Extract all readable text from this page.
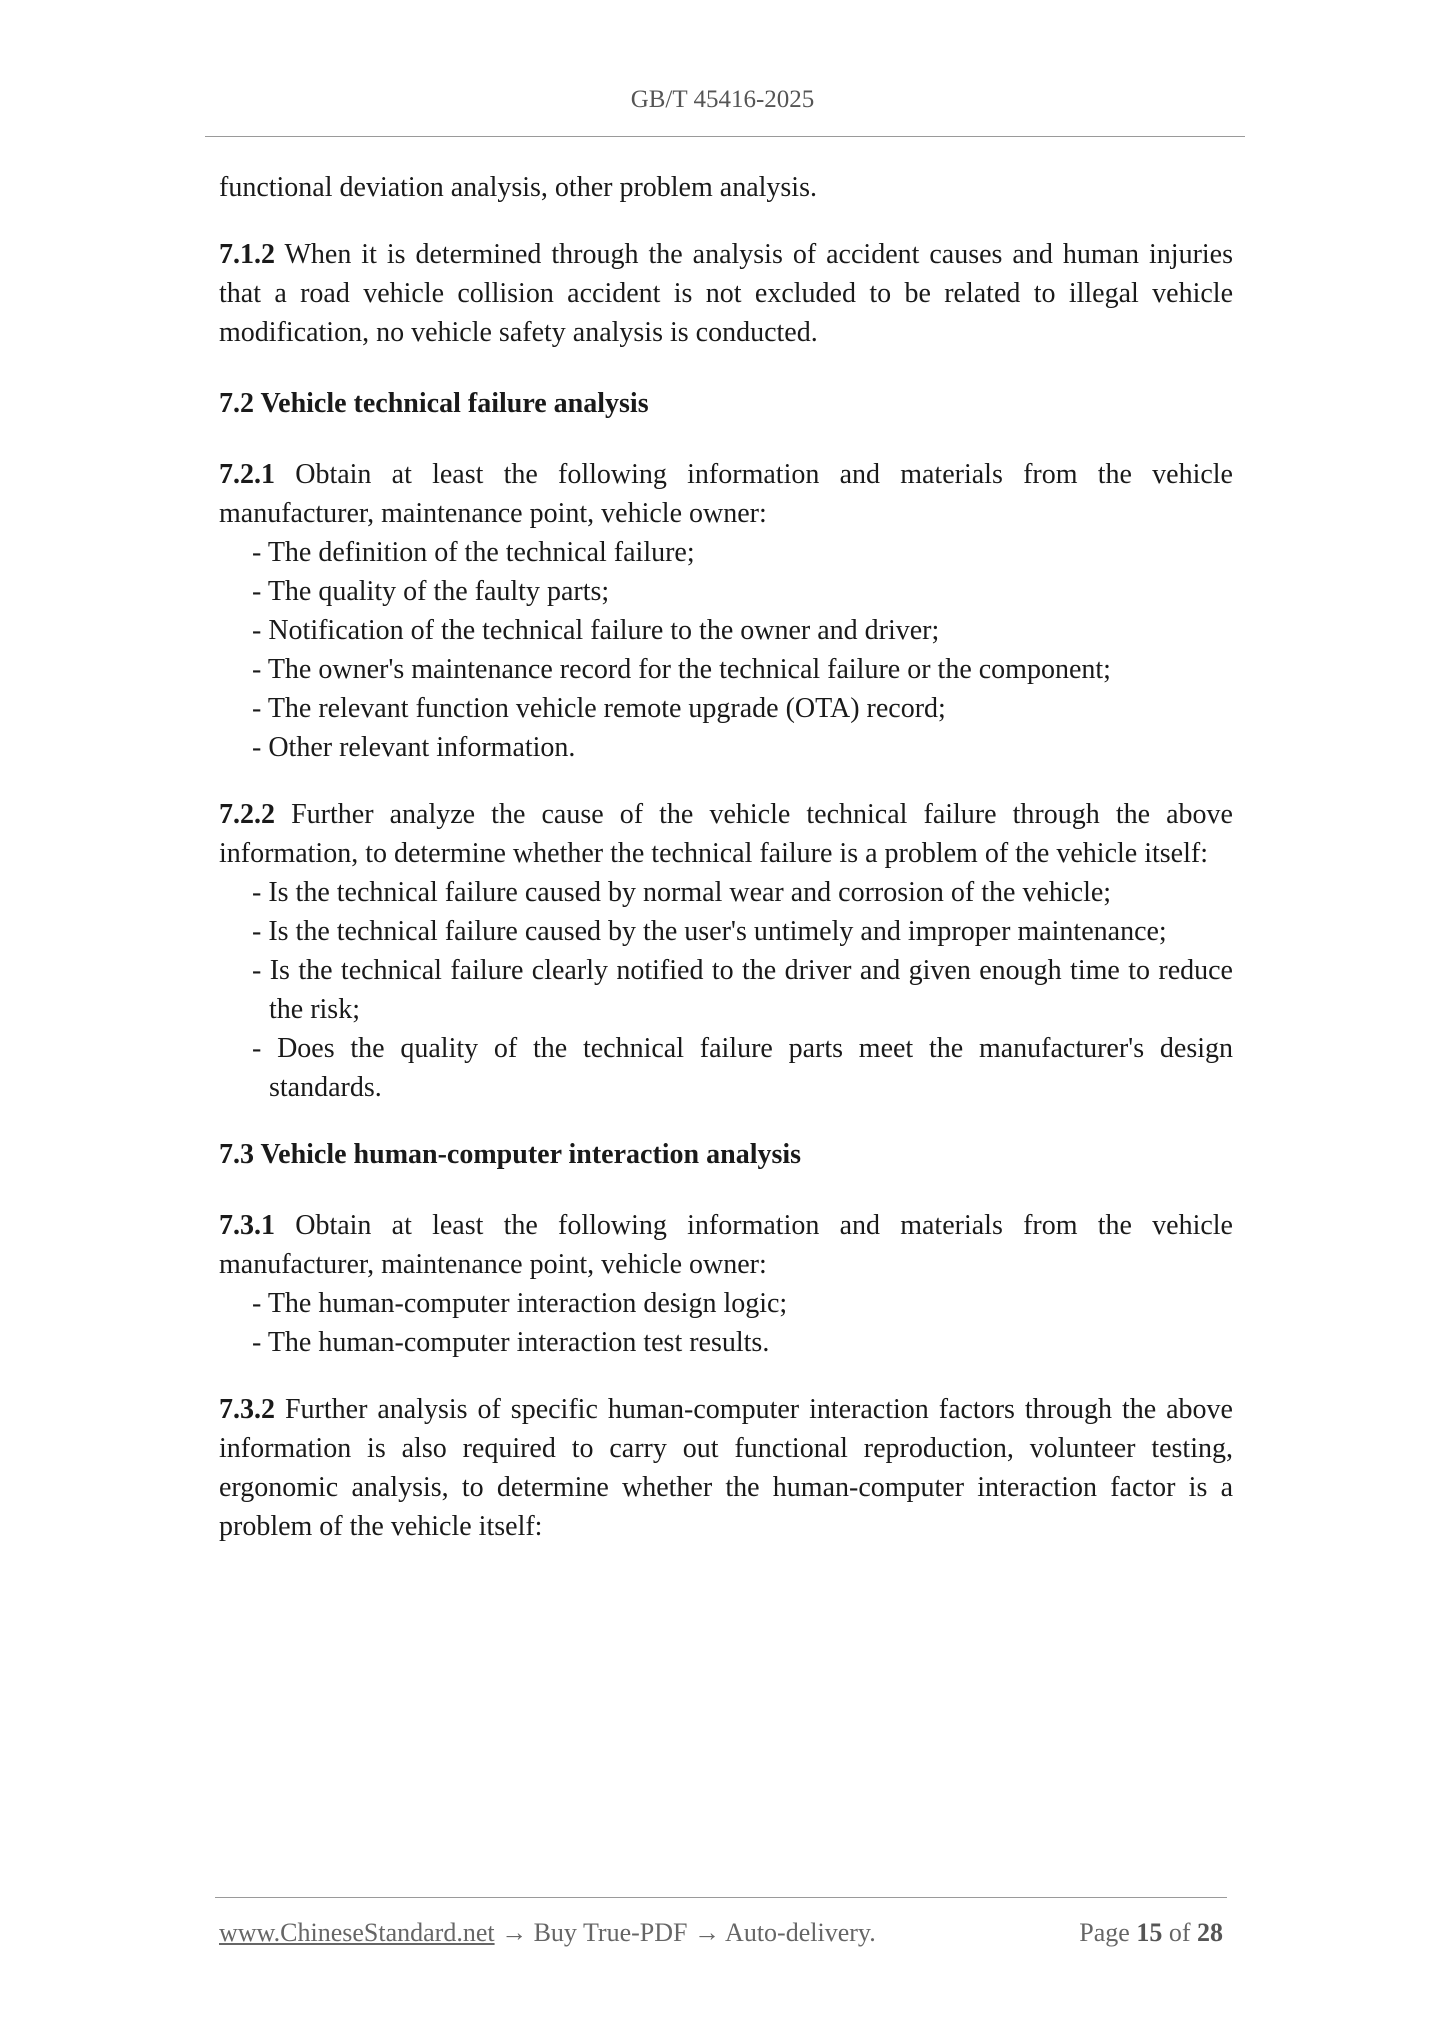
GB/T 45416-2025

functional deviation analysis, other problem analysis.

7.1.2 When it is determined through the analysis of accident causes and human injuries that a road vehicle collision accident is not excluded to be related to illegal vehicle modification, no vehicle safety analysis is conducted.

7.2 Vehicle technical failure analysis

7.2.1 Obtain at least the following information and materials from the vehicle manufacturer, maintenance point, vehicle owner:

- The definition of the technical failure;

- The quality of the faulty parts;

- Notification of the technical failure to the owner and driver;

- The owner's maintenance record for the technical failure or the component;

- The relevant function vehicle remote upgrade (OTA) record;

- Other relevant information.

7.2.2 Further analyze the cause of the vehicle technical failure through the above information, to determine whether the technical failure is a problem of the vehicle itself:

- Is the technical failure caused by normal wear and corrosion of the vehicle;

- Is the technical failure caused by the user's untimely and improper maintenance;

- Is the technical failure clearly notified to the driver and given enough time to reduce the risk;

- Does the quality of the technical failure parts meet the manufacturer's design standards.

7.3 Vehicle human-computer interaction analysis

7.3.1 Obtain at least the following information and materials from the vehicle manufacturer, maintenance point, vehicle owner:

- The human-computer interaction design logic;

- The human-computer interaction test results.

7.3.2 Further analysis of specific human-computer interaction factors through the above information is also required to carry out functional reproduction, volunteer testing, ergonomic analysis, to determine whether the human-computer interaction factor is a problem of the vehicle itself:

www.ChineseStandard.net → Buy True-PDF → Auto-delivery.	Page 15 of 28
